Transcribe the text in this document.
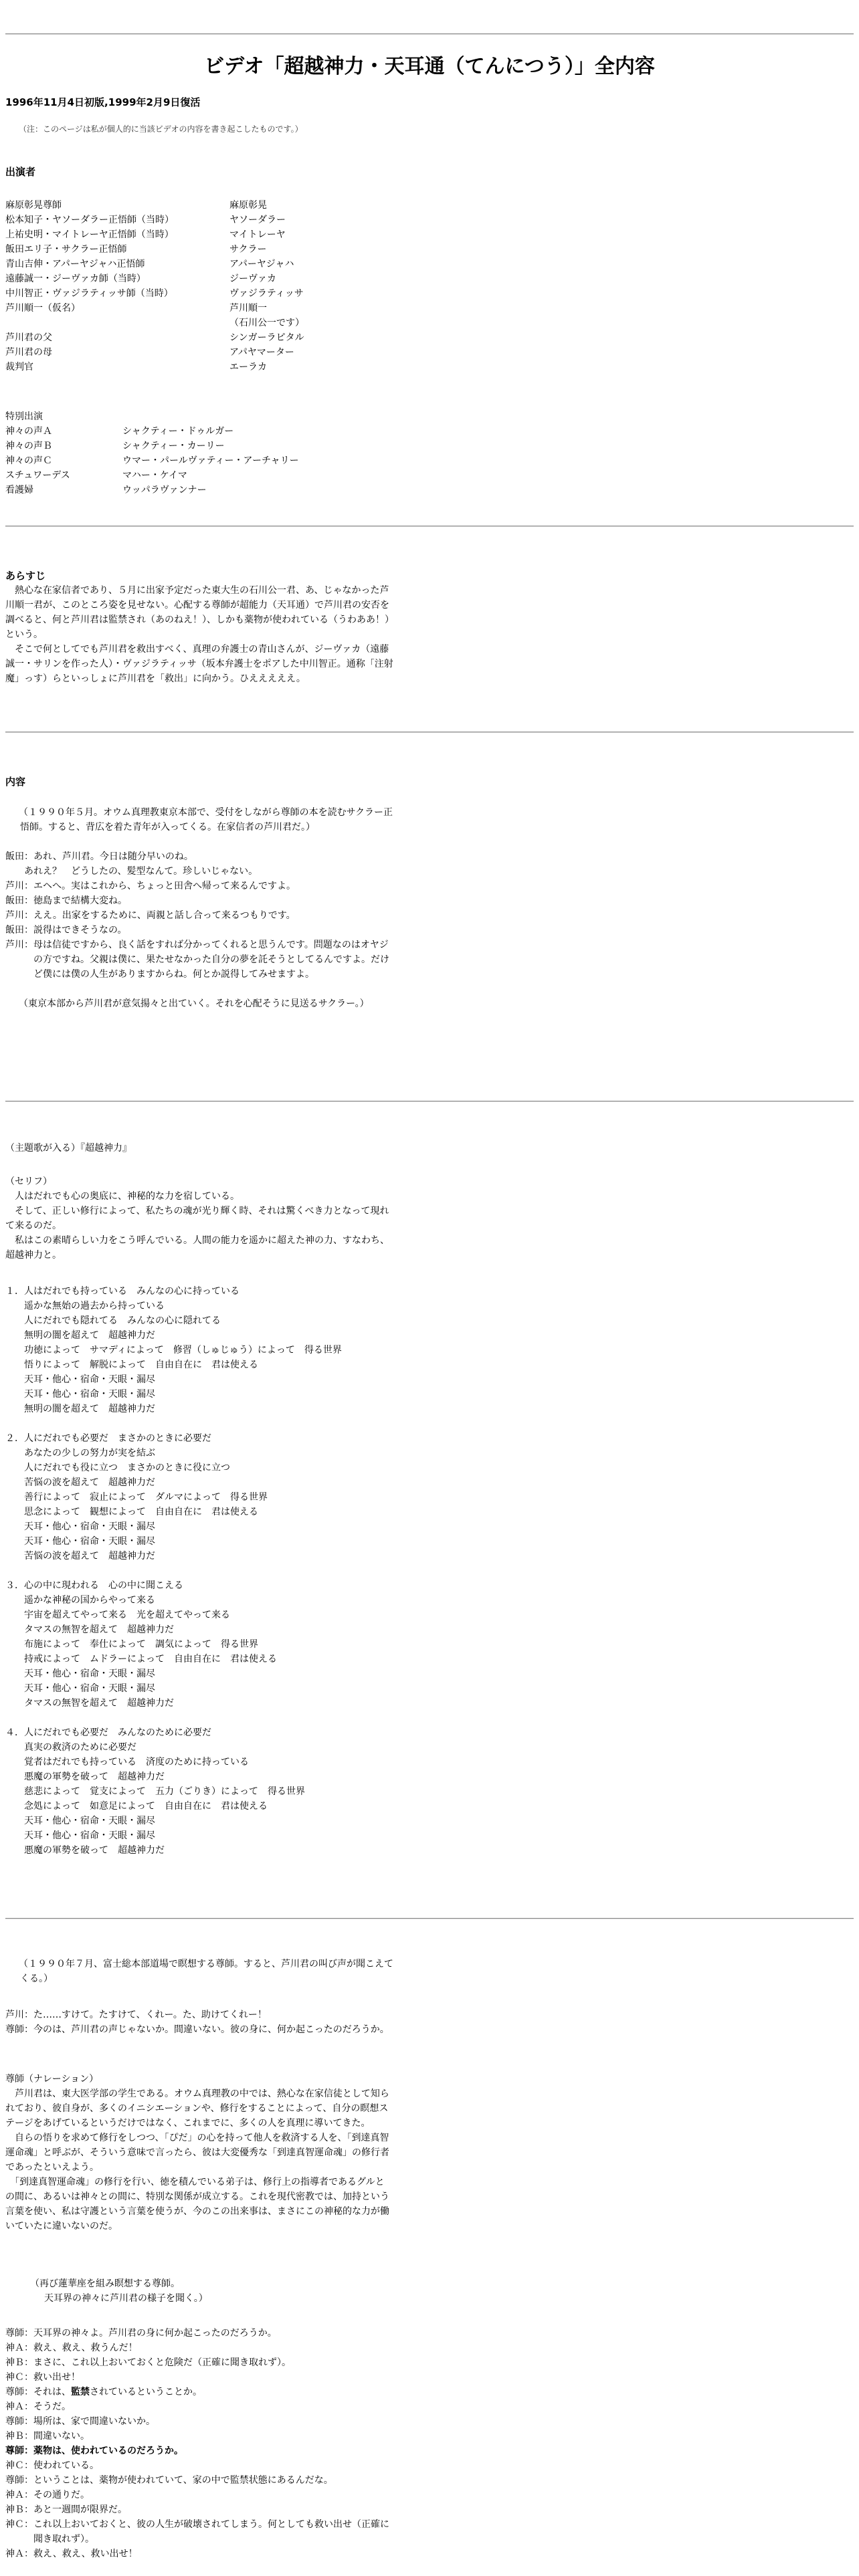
ビデオ「超越神力・天耳通（てんにつう）」全内容
1996年11月4日初版,1999年2月9日復活
（注：このページは私が個人的に当該ビデオの内容を書き起こしたものです。）
出演者
麻原彰晃尊師	麻原彰晃
松本知子・ヤソーダラー正悟師（当時）	ヤソーダラー
上祐史明・マイトレーヤ正悟師（当時）	マイトレーヤ
飯田エリ子・サクラー正悟師	サクラー
青山吉伸・アパーヤジャハ正悟師	アパーヤジャハ
遠藤誠一・ジーヴァカ師（当時）	ジーヴァカ
中川智正・ヴァジラティッサ師（当時）	ヴァジラティッサ
芦川順一（仮名）	芦川順一
	（石川公一です）
芦川君の父	シンガーラピタル
芦川君の母	アパヤマーター
裁判官	エーラカ
特別出演
神々の声Ａ	シャクティー・ドゥルガー
神々の声Ｂ	シャクティー・カーリー
神々の声Ｃ	ウマー・パールヴァティー・アーチャリー
スチュワーデス	マハー・ケイマ
看護婦	ウッパラヴァンナー
あらすじ
　熱心な在家信者であり、５月に出家予定だった東大生の石川公一君、あ、じゃなかった芦川順一君が、このところ姿を見せない。心配する尊師が超能力（天耳通）で芦川君の安否を調べると、何と芦川君は監禁され（あのねえ！）、しかも薬物が使われている（うわああ！）という。
　そこで何としてでも芦川君を救出すべく、真理の弁護士の青山さんが、ジーヴァカ（遠藤誠一・サリンを作った人）・ヴァジラティッサ（坂本弁護士をポアした中川智正。通称「注射魔」っす）らといっしょに芦川君を「救出」に向かう。ひえええええ。
内容
（１９９０年５月。オウム真理教東京本部で、受付をしながら尊師の本を読むサクラー正悟師。すると、背広を着た青年が入ってくる。在家信者の芦川君だ。）
飯田：あれ、芦川君。今日は随分早いのね。
　　あれえ？　どうしたの、髪型なんて。珍しいじゃない。
芦川：エヘへ。実はこれから、ちょっと田舎へ帰って来るんですよ。
飯田：徳島まで結構大変ね。
芦川：ええ。出家をするために、両親と話し合って来るつもりです。
飯田：説得はできそうなの。
芦川：母は信徒ですから、良く話をすれば分かってくれると思うんです。問題なのはオヤジの方ですね。父親は僕に、果たせなかった自分の夢を託そうとしてるんですよ。だけど僕には僕の人生がありますからね。何とか説得してみせますよ。
（東京本部から芦川君が意気揚々と出ていく。それを心配そうに見送るサクラー。）
（主題歌が入る）『超越神力』
（セリフ）
　人はだれでも心の奥底に、神秘的な力を宿している。
　そして、正しい修行によって、私たちの魂が光り輝く時、それは驚くべき力となって現れて来るのだ。
　私はこの素晴らしい力をこう呼んでいる。人間の能力を遥かに超えた神の力、すなわち、超越神力と。
１．人はだれでも持っている　みんなの心に持っている
　　遥かな無始の過去から持っている
　　人にだれでも隠れてる　みんなの心に隠れてる
　　無明の闇を超えて　超越神力だ
　　功徳によって　サマディによって　修習（しゅじゅう）によって　得る世界
　　悟りによって　解脱によって　自由自在に　君は使える
　　天耳・他心・宿命・天眼・漏尽
　　天耳・他心・宿命・天眼・漏尽
　　無明の闇を超えて　超越神力だ
２．人にだれでも必要だ　まさかのときに必要だ
　　あなたの少しの努力が実を結ぶ
　　人にだれでも役に立つ　まさかのときに役に立つ
　　苦悩の波を超えて　超越神力だ
　　善行によって　寂止によって　ダルマによって　得る世界
　　思念によって　観想によって　自由自在に　君は使える
　　天耳・他心・宿命・天眼・漏尽
　　天耳・他心・宿命・天眼・漏尽
　　苦悩の波を超えて　超越神力だ
３．心の中に現われる　心の中に聞こえる
　　遥かな神秘の国からやって来る
　　宇宙を超えてやって来る　光を超えてやって来る
　　タマスの無智を超えて　超越神力だ
　　布施によって　奉仕によって　調気によって　得る世界
　　持戒によって　ムドラーによって　自由自在に　君は使える
　　天耳・他心・宿命・天眼・漏尽
　　天耳・他心・宿命・天眼・漏尽
　　タマスの無智を超えて　超越神力だ
４．人にだれでも必要だ　みんなのために必要だ
　　真実の救済のために必要だ
　　覚者はだれでも持っている　済度のために持っている
　　悪魔の軍勢を破って　超越神力だ
　　慈悲によって　覚支によって　五力（ごりき）によって　得る世界
　　念処によって　如意足によって　自由自在に　君は使える
　　天耳・他心・宿命・天眼・漏尽
　　天耳・他心・宿命・天眼・漏尽
　　悪魔の軍勢を破って　超越神力だ
（１９９０年７月、富士総本部道場で瞑想する尊師。すると、芦川君の叫び声が聞こえてくる。）
芦川：た……すけて。たすけて、くれー。た、助けてくれー！
尊師：今のは、芦川君の声じゃないか。間違いない。彼の身に、何か起こったのだろうか。
尊師（ナレーション）
　芦川君は、東大医学部の学生である。オウム真理教の中では、熱心な在家信徒として知られており、彼自身が、多くのイニシエーションや、修行をすることによって、自分の瞑想ステージをあげているというだけではなく、これまでに、多くの人を真理に導いてきた。
　自らの悟りを求めて修行をしつつ、「ぴだ」の心を持って他人を救済する人を、「到達真智運命魂」と呼ぶが、そういう意味で言ったら、彼は大変優秀な「到達真智運命魂」の修行者であったといえよう。
　「到達真智運命魂」の修行を行い、徳を積んでいる弟子は、修行上の指導者であるグルとの間に、あるいは神々との間に、特別な関係が成立する。これを現代密教では、加持という言葉を使い、私は守護という言葉を使うが、今のこの出来事は、まさにこの神秘的な力が働いていたに違いないのだ。
　（再び蓮華座を組み瞑想する尊師。
　　天耳界の神々に芦川君の様子を聞く。）
尊師：天耳界の神々よ。芦川君の身に何か起こったのだろうか。
神Ａ：救え、救え、救うんだ！
神Ｂ：まさに、これ以上おいておくと危険だ（正確に聞き取れず）。
神Ｃ：救い出せ！
尊師：それは、監禁されているということか。
神Ａ：そうだ。
尊師：場所は、家で間違いないか。
神Ｂ：間違いない。
尊師：薬物は、使われているのだろうか。
神Ｃ：使われている。
尊師：ということは、薬物が使われていて、家の中で監禁状態にあるんだな。
神Ａ：その通りだ。
神Ｂ：あと一週間が限界だ。
神Ｃ：これ以上おいておくと、彼の人生が破壊されてしまう。何としても救い出せ（正確に聞き取れず）。
神Ａ：救え、救え、救い出せ！
